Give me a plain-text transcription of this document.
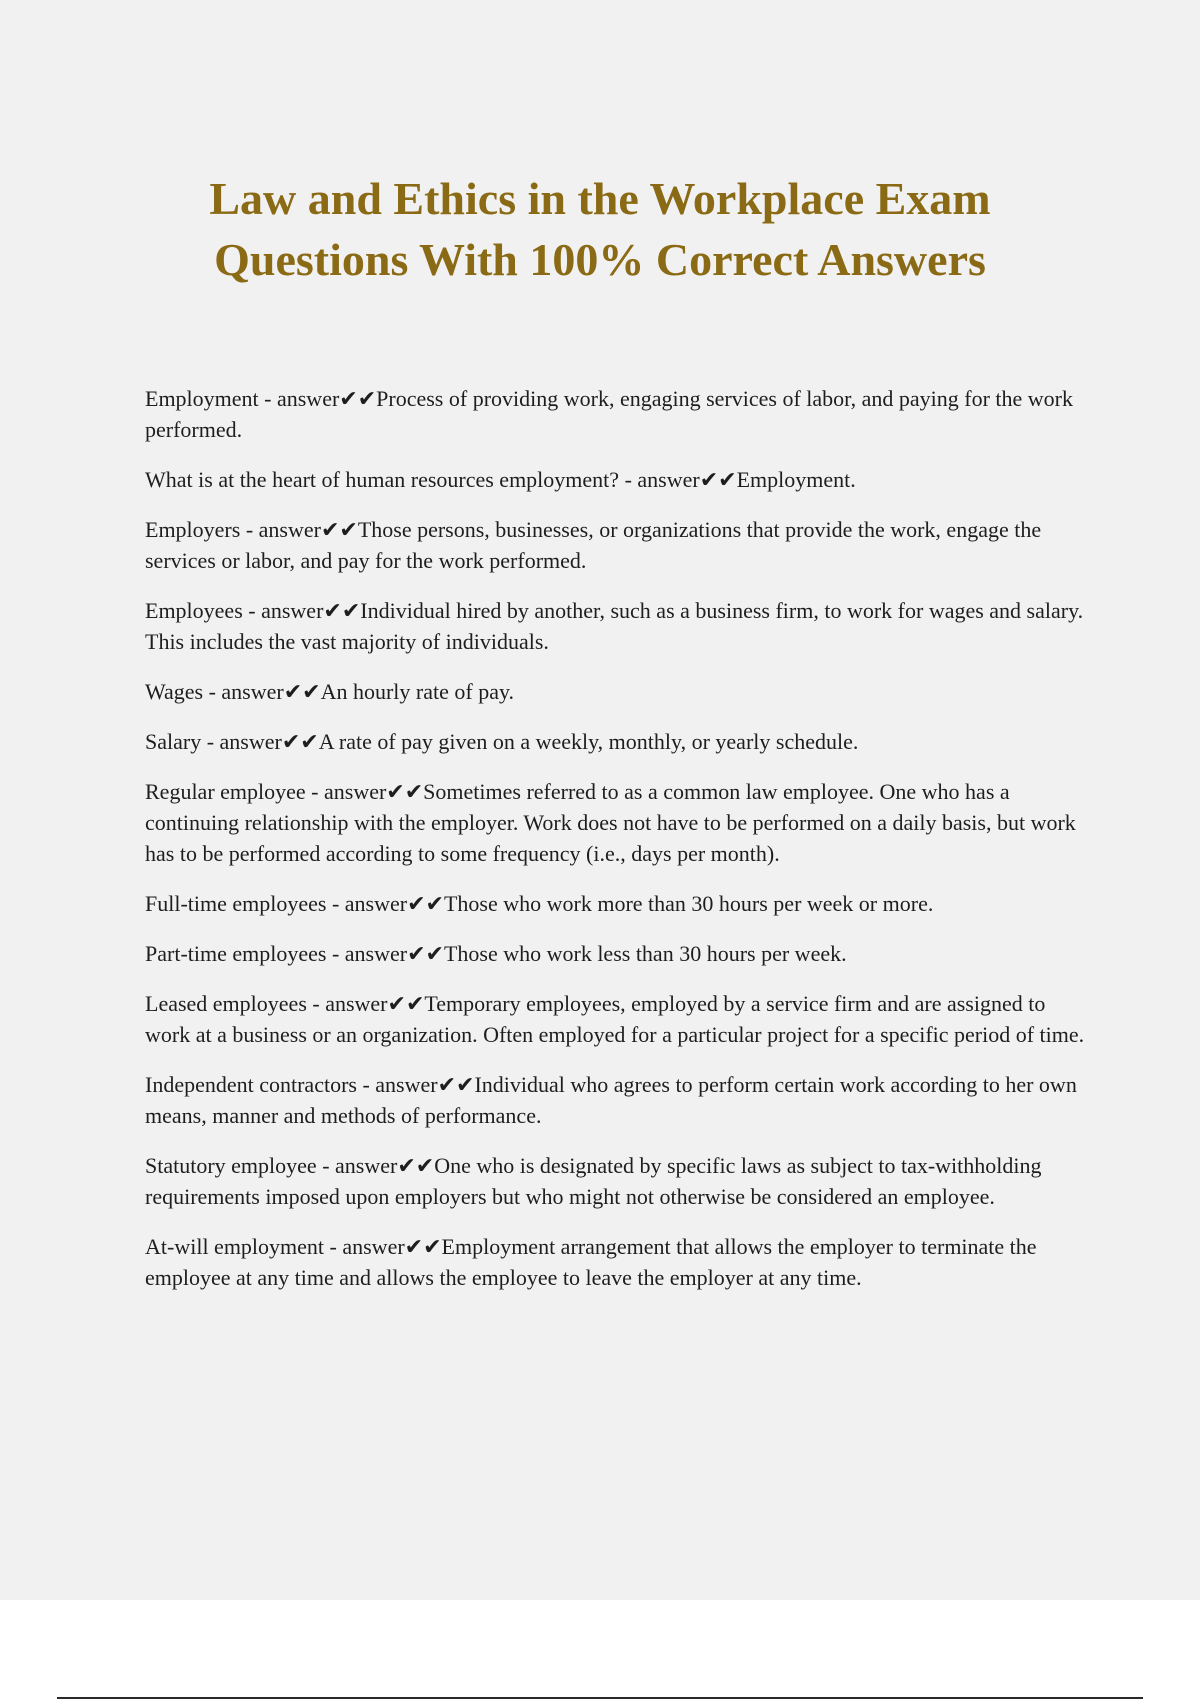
Law and Ethics in the Workplace Exam
Questions With 100% Correct Answers
Employment - answer✔✔Process of providing work, engaging services of labor, and paying for the work performed.
What is at the heart of human resources employment? - answer✔✔Employment.
Employers - answer✔✔Those persons, businesses, or organizations that provide the work, engage the services or labor, and pay for the work performed.
Employees - answer✔✔Individual hired by another, such as a business firm, to work for wages and salary. This includes the vast majority of individuals.
Wages - answer✔✔An hourly rate of pay.
Salary - answer✔✔A rate of pay given on a weekly, monthly, or yearly schedule.
Regular employee - answer✔✔Sometimes referred to as a common law employee. One who has a continuing relationship with the employer. Work does not have to be performed on a daily basis, but work has to be performed according to some frequency (i.e., days per month).
Full-time employees - answer✔✔Those who work more than 30 hours per week or more.
Part-time employees - answer✔✔Those who work less than 30 hours per week.
Leased employees - answer✔✔Temporary employees, employed by a service firm and are assigned to work at a business or an organization. Often employed for a particular project for a specific period of time.
Independent contractors - answer✔✔Individual who agrees to perform certain work according to her own means, manner and methods of performance.
Statutory employee - answer✔✔One who is designated by specific laws as subject to tax-withholding requirements imposed upon employers but who might not otherwise be considered an employee.
At-will employment - answer✔✔Employment arrangement that allows the employer to terminate the employee at any time and allows the employee to leave the employer at any time.
